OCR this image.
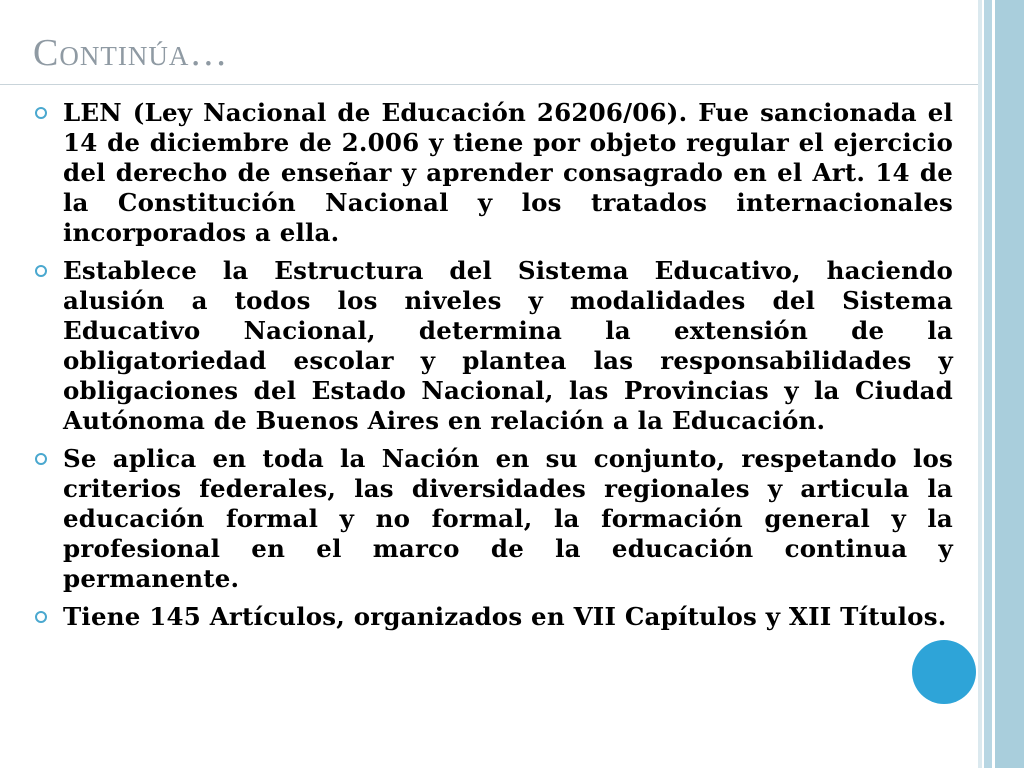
Continúa…
LEN (Ley Nacional de Educación 26206/06). Fue sancionada el 14 de diciembre de 2.006 y tiene por objeto regular el ejercicio del derecho de enseñar y aprender consagrado en el Art. 14 de la Constitución Nacional y los tratados internacionales incorporados a ella.
Establece la Estructura del Sistema Educativo, haciendo alusión a todos los niveles y modalidades del Sistema Educativo Nacional, determina la extensión de la obligatoriedad escolar y plantea las responsabilidades y obligaciones del Estado Nacional, las Provincias y la Ciudad Autónoma de Buenos Aires en relación a la Educación.
Se aplica en toda la Nación en su conjunto, respetando los criterios federales, las diversidades regionales y articula la educación formal y no formal, la formación general y la profesional en el marco de la educación continua y permanente.
Tiene 145 Artículos, organizados en VII Capítulos y XII Títulos.
